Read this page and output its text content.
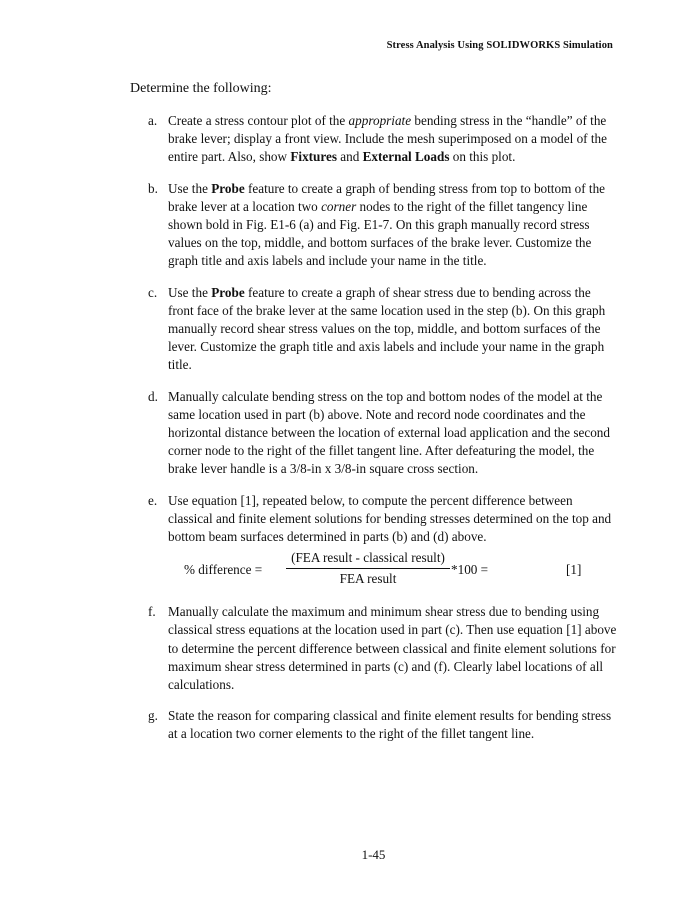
Stress Analysis Using SOLIDWORKS Simulation
Determine the following:
a. Create a stress contour plot of the appropriate bending stress in the “handle” of the brake lever; display a front view. Include the mesh superimposed on a model of the entire part. Also, show Fixtures and External Loads on this plot.
b. Use the Probe feature to create a graph of bending stress from top to bottom of the brake lever at a location two corner nodes to the right of the fillet tangency line shown bold in Fig. E1-6 (a) and Fig. E1-7. On this graph manually record stress values on the top, middle, and bottom surfaces of the brake lever. Customize the graph title and axis labels and include your name in the title.
c. Use the Probe feature to create a graph of shear stress due to bending across the front face of the brake lever at the same location used in the step (b). On this graph manually record shear stress values on the top, middle, and bottom surfaces of the lever. Customize the graph title and axis labels and include your name in the graph title.
d. Manually calculate bending stress on the top and bottom nodes of the model at the same location used in part (b) above. Note and record node coordinates and the horizontal distance between the location of external load application and the second corner node to the right of the fillet tangent line. After defeaturing the model, the brake lever handle is a 3/8-in x 3/8-in square cross section.
e. Use equation [1], repeated below, to compute the percent difference between classical and finite element solutions for bending stresses determined on the top and bottom beam surfaces determined in parts (b) and (d) above.
% difference =
(FEA result - classical result)
FEA result
*100 =	[1]
f. Manually calculate the maximum and minimum shear stress due to bending using classical stress equations at the location used in part (c). Then use equation [1] above to determine the percent difference between classical and finite element solutions for maximum shear stress determined in parts (c) and (f). Clearly label locations of all calculations.
g. State the reason for comparing classical and finite element results for bending stress at a location two corner elements to the right of the fillet tangent line.
1-45
